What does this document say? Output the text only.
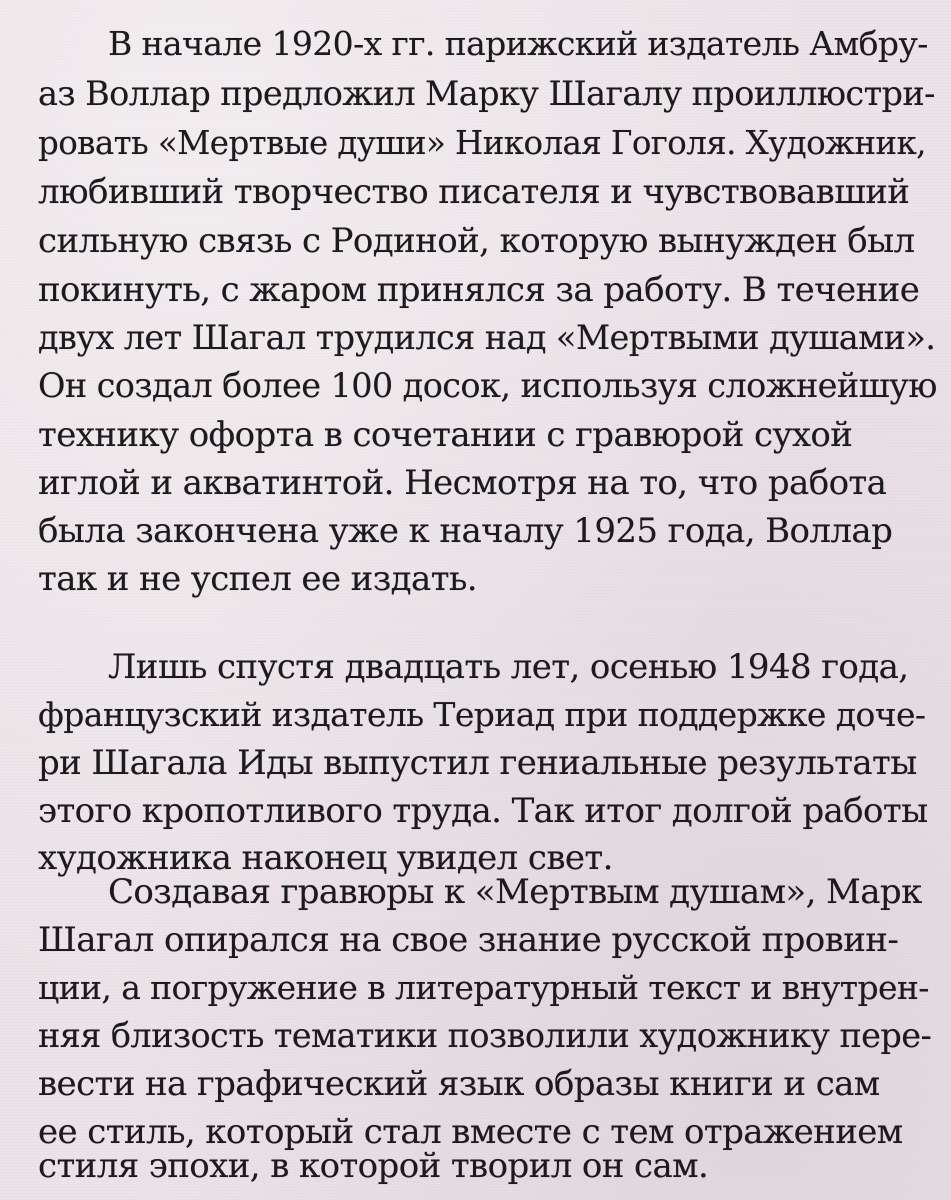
В начале 1920-х гг. парижский издатель Амбру-
аз Воллар предложил Марку Шагалу проиллюстри-
ровать «Мертвые души» Николая Гоголя. Художник,
любивший творчество писателя и чувствовавший
сильную связь с Родиной, которую вынужден был
покинуть, с жаром принялся за работу. В течение
двух лет Шагал трудился над «Мертвыми душами».
Он создал более 100 досок, используя сложнейшую
технику офорта в сочетании с гравюрой сухой
иглой и акватинтой. Несмотря на то, что работа
была закончена уже к началу 1925 года, Воллар
так и не успел ее издать.
Лишь спустя двадцать лет, осенью 1948 года,
французский издатель Териад при поддержке доче-
ри Шагала Иды выпустил гениальные результаты
этого кропотливого труда. Так итог долгой работы
художника наконец увидел свет.
Создавая гравюры к «Мертвым душам», Марк
Шагал опирался на свое знание русской провин-
ции, а погружение в литературный текст и внутрен-
няя близость тематики позволили художнику пере-
вести на графический язык образы книги и сам
ее стиль, который стал вместе с тем отражением
стиля эпохи, в которой творил он сам.
